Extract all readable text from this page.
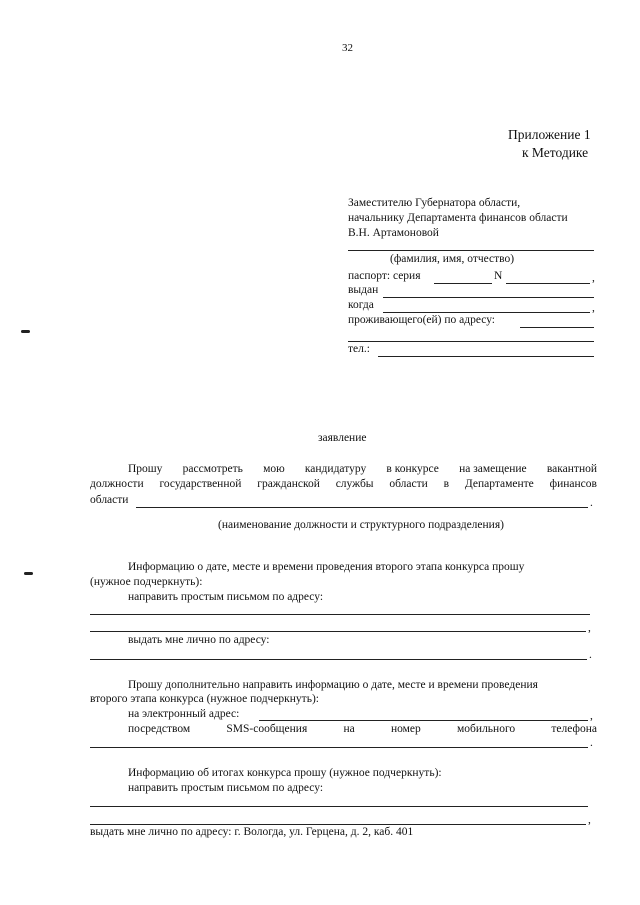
32
Приложение 1
к Методике
Заместителю Губернатора области,
начальнику Департамента финансов области
В.Н. Артамоновой
(фамилия, имя, отчество)
паспорт: серия	N	,
выдан
когда	,
проживающего(ей) по адресу:
тел.:
заявление
Прошу рассмотреть мою кандидатуру в конкурсе на замещение вакантной
должности государственной гражданской службы области в Департаменте финансов
области	.
(наименование должности и структурного подразделения)
Информацию о дате, месте и времени проведения второго этапа конкурса прошу
(нужное подчеркнуть):
направить простым письмом по адресу:
,
выдать мне лично по адресу:
.
Прошу дополнительно направить информацию о дате, месте и времени проведения
второго этапа конкурса (нужное подчеркнуть):
на электронный адрес:	,
посредством	SMS-сообщения	на	номер	мобильного	телефона
.
Информацию об итогах конкурса прошу (нужное подчеркнуть):
направить простым письмом по адресу:
,
выдать мне лично по адресу: г. Вологда, ул. Герцена, д. 2, каб. 401
